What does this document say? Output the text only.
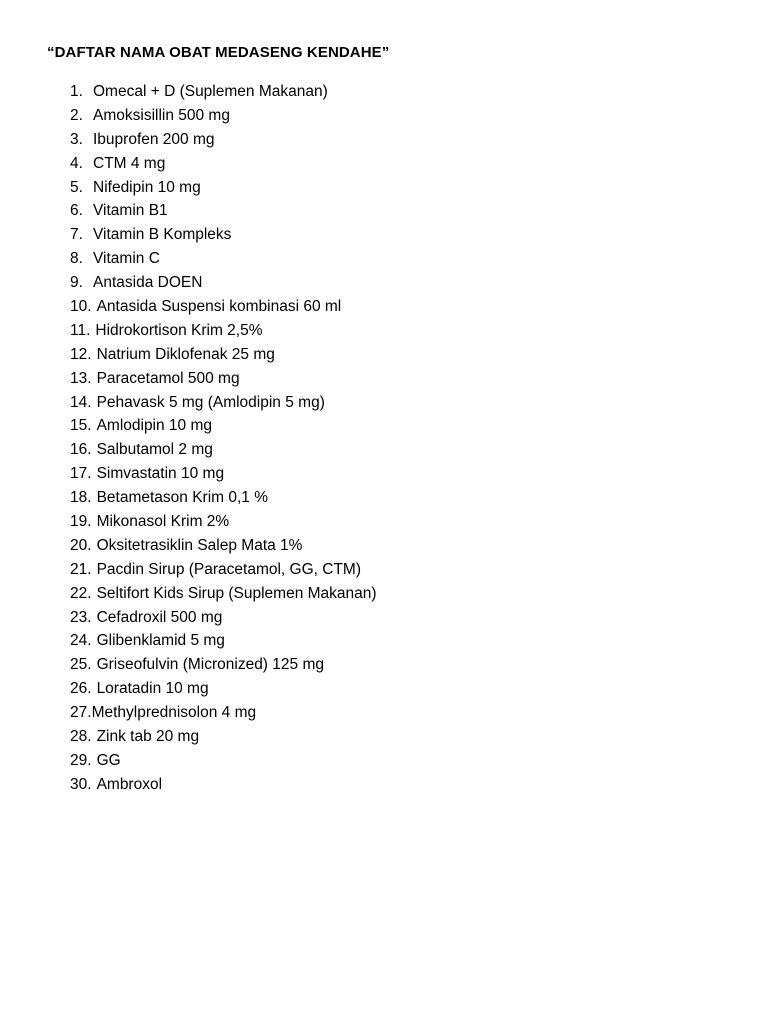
“DAFTAR NAMA OBAT MEDASENG KENDAHE”
1. Omecal + D (Suplemen Makanan)
2. Amoksisillin 500 mg
3. Ibuprofen 200 mg
4. CTM 4 mg
5. Nifedipin 10 mg
6. Vitamin B1
7. Vitamin B Kompleks
8. Vitamin C
9. Antasida DOEN
10. Antasida Suspensi kombinasi 60 ml
11. Hidrokortison Krim 2,5%
12. Natrium Diklofenak 25 mg
13. Paracetamol 500 mg
14. Pehavask 5 mg (Amlodipin 5 mg)
15. Amlodipin 10 mg
16. Salbutamol 2 mg
17. Simvastatin 10 mg
18. Betametason Krim 0,1 %
19. Mikonasol Krim 2%
20. Oksitetrasiklin Salep Mata 1%
21. Pacdin Sirup (Paracetamol, GG, CTM)
22. Seltifort Kids Sirup (Suplemen Makanan)
23. Cefadroxil 500 mg
24. Glibenklamid 5 mg
25. Griseofulvin (Micronized) 125 mg
26. Loratadin 10 mg
27. Methylprednisolon 4 mg
28. Zink tab 20 mg
29. GG
30. Ambroxol
